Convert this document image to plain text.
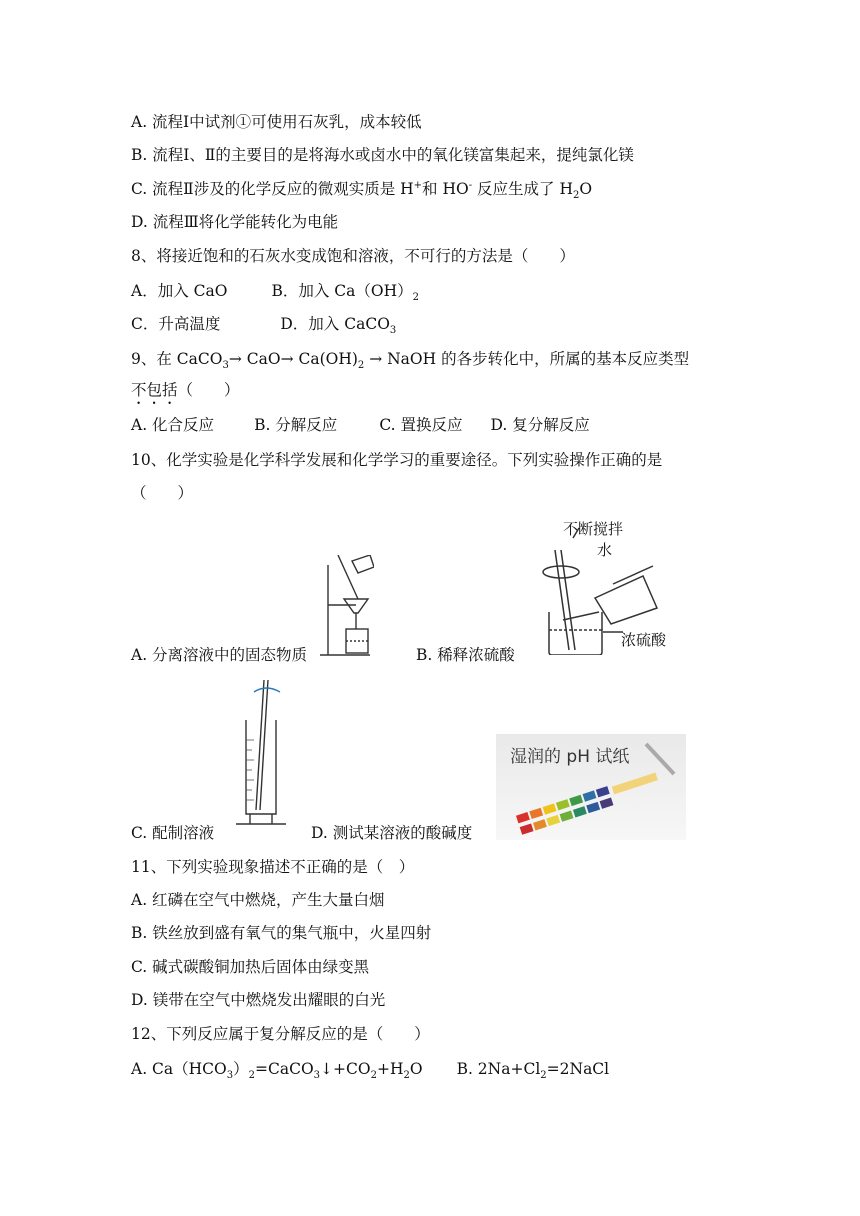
A. 流程Ⅰ中试剂①可使用石灰乳，成本较低
B. 流程Ⅰ、Ⅱ的主要目的是将海水或卤水中的氧化镁富集起来，提纯氯化镁
C. 流程Ⅱ涉及的化学反应的微观实质是 H+和 HO- 反应生成了 $H_2O$
D. 流程Ⅲ将化学能转化为电能
8、将接近饱和的石灰水变成饱和溶液，不可行的方法是（　　）
A．加入 CaO	B．加入 $Ca(OH)_2$
C．升高温度	D．加入 CaCO$_3$
9、在 CaCO$_3$→ $CaO\to Ca(OH)_2$ → NaOH 的各步转化中，所属的基本反应类型
不包括（　　）
A. 化合反应	B. 分解反应	C. 置换反应 D. 复分解反应
10、化学实验是化学科学发展和化学学习的重要途径。下列实验操作正确的是
（　　）
A. 分离溶液中的固态物质
不断搅拌
水
浓硫酸
B. 稀释浓硫酸
C. 配制溶液	D. 测试某溶液的酸碱度
湿润的 pH 试纸
11、下列实验现象描述不正确的是（　）
A. 红磷在空气中燃烧，产生大量白烟
B. 铁丝放到盛有氧气的集气瓶中，火星四射
C. 碱式碳酸铜加热后固体由绿变黑
D. 镁带在空气中燃烧发出耀眼的白光
12、下列反应属于复分解反应的是（　　）
A. $Ca(HCO_3)_2=CaCO_3↓+CO_2+H_2O$ B. $2Na+Cl_2=2NaCl$
